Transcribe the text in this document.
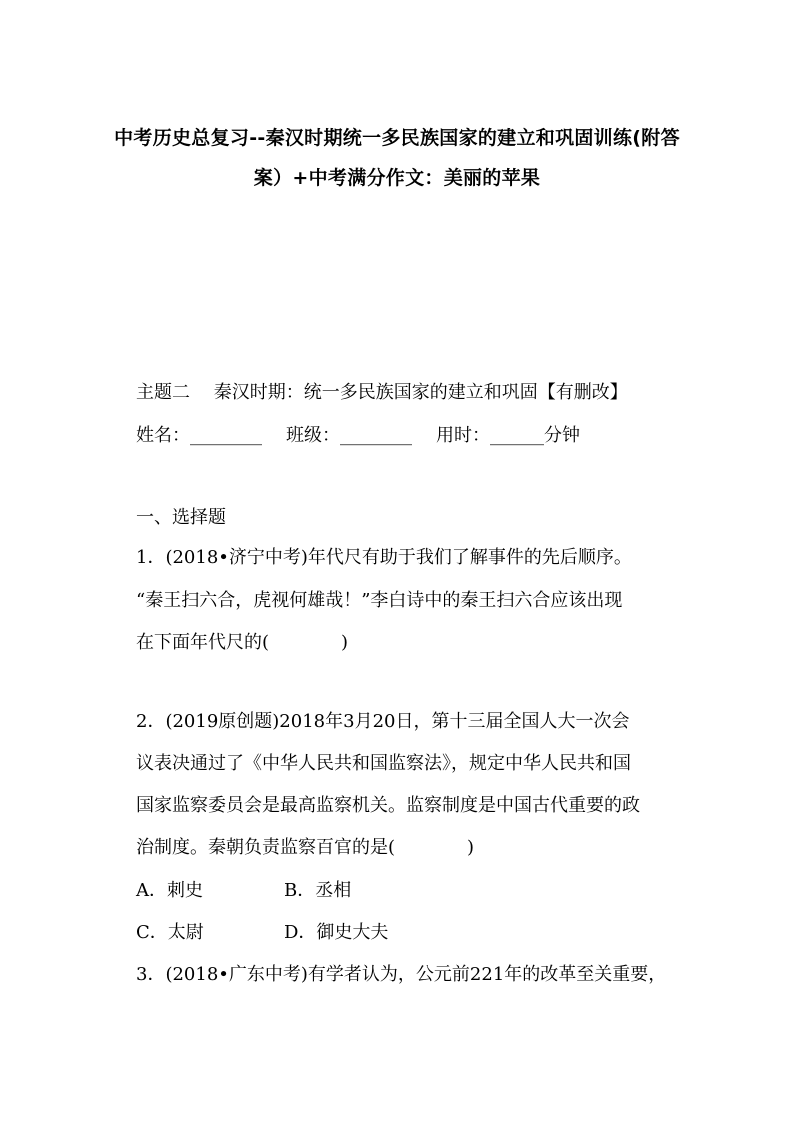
中考历史总复习--秦汉时期统一多民族国家的建立和巩固训练(附答
案）+中考满分作文：美丽的苹果
主题二　 秦汉时期：统一多民族国家的建立和巩固【有删改】
姓名：________ 班级：________ 用时：______分钟
一、选择题
1．(2018•济宁中考)年代尺有助于我们了解事件的先后顺序。
“秦王扫六合，虎视何雄哉！”李白诗中的秦王扫六合应该出现
在下面年代尺的(　　　　)
2．(2019原创题)2018年3月20日，第十三届全国人大一次会
议表决通过了《中华人民共和国监察法》，规定中华人民共和国
国家监察委员会是最高监察机关。监察制度是中国古代重要的政
治制度。秦朝负责监察百官的是(　　　　)
A．刺史	B．丞相
C．太尉	D．御史大夫
3．(2018•广东中考)有学者认为，公元前221年的改革至关重要，
